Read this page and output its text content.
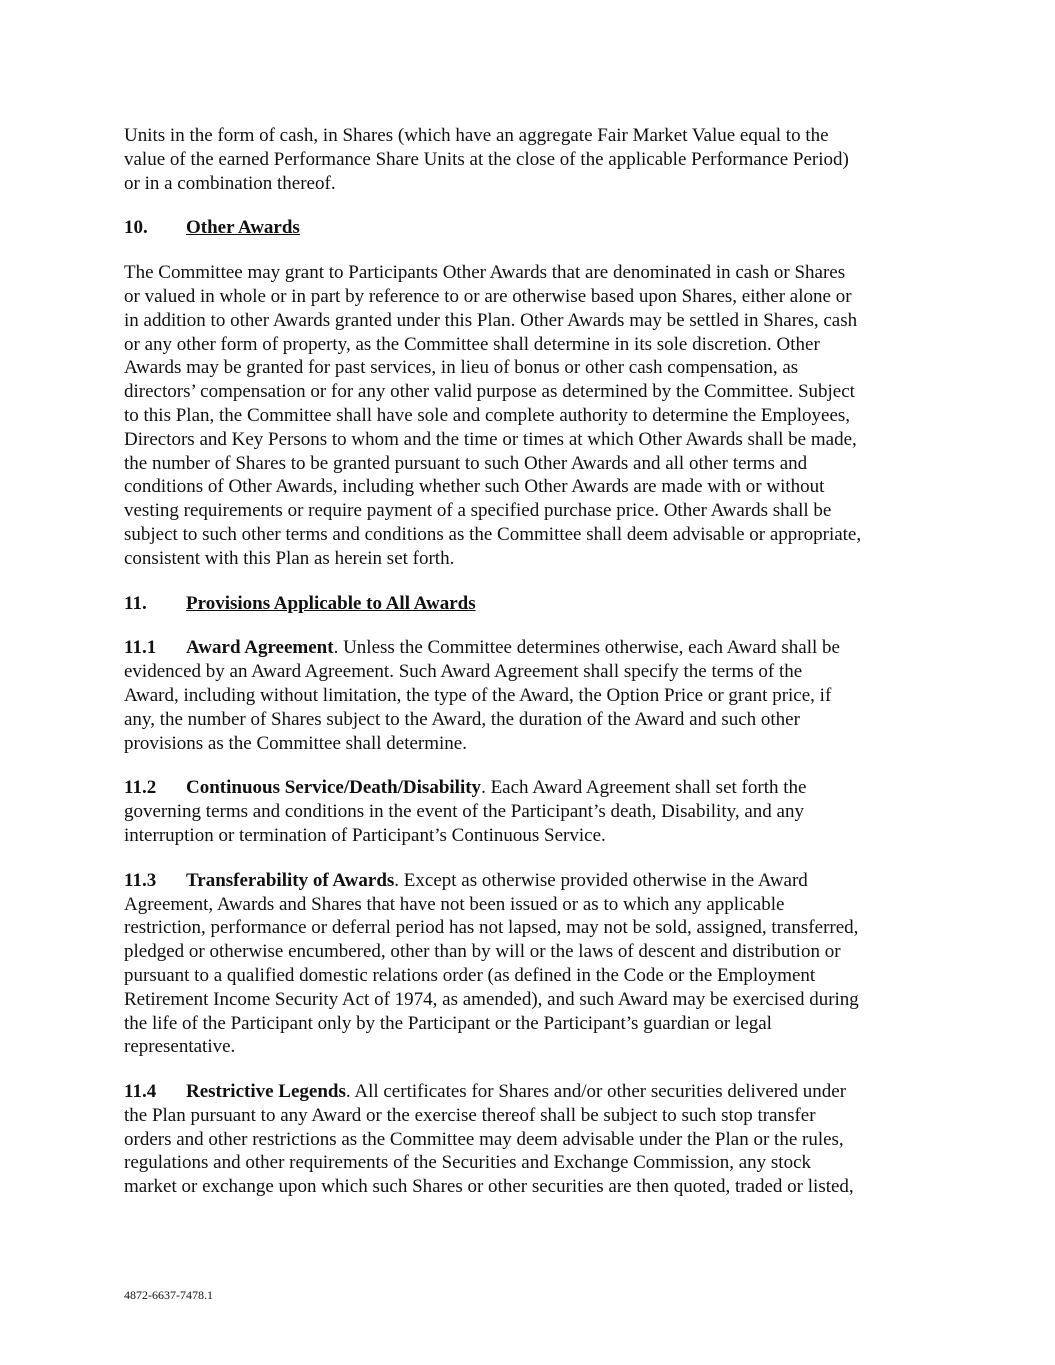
Units in the form of cash, in Shares (which have an aggregate Fair Market Value equal to the
value of the earned Performance Share Units at the close of the applicable Performance Period)
or in a combination thereof.
10. Other Awards
The Committee may grant to Participants Other Awards that are denominated in cash or Shares
or valued in whole or in part by reference to or are otherwise based upon Shares, either alone or
in addition to other Awards granted under this Plan. Other Awards may be settled in Shares, cash
or any other form of property, as the Committee shall determine in its sole discretion. Other
Awards may be granted for past services, in lieu of bonus or other cash compensation, as
directors’ compensation or for any other valid purpose as determined by the Committee. Subject
to this Plan, the Committee shall have sole and complete authority to determine the Employees,
Directors and Key Persons to whom and the time or times at which Other Awards shall be made,
the number of Shares to be granted pursuant to such Other Awards and all other terms and
conditions of Other Awards, including whether such Other Awards are made with or without
vesting requirements or require payment of a specified purchase price. Other Awards shall be
subject to such other terms and conditions as the Committee shall deem advisable or appropriate,
consistent with this Plan as herein set forth.
11. Provisions Applicable to All Awards
11.1 Award Agreement. Unless the Committee determines otherwise, each Award shall be
evidenced by an Award Agreement. Such Award Agreement shall specify the terms of the
Award, including without limitation, the type of the Award, the Option Price or grant price, if
any, the number of Shares subject to the Award, the duration of the Award and such other
provisions as the Committee shall determine.
11.2 Continuous Service/Death/Disability. Each Award Agreement shall set forth the
governing terms and conditions in the event of the Participant’s death, Disability, and any
interruption or termination of Participant’s Continuous Service.
11.3 Transferability of Awards. Except as otherwise provided otherwise in the Award
Agreement, Awards and Shares that have not been issued or as to which any applicable
restriction, performance or deferral period has not lapsed, may not be sold, assigned, transferred,
pledged or otherwise encumbered, other than by will or the laws of descent and distribution or
pursuant to a qualified domestic relations order (as defined in the Code or the Employment
Retirement Income Security Act of 1974, as amended), and such Award may be exercised during
the life of the Participant only by the Participant or the Participant’s guardian or legal
representative.
11.4 Restrictive Legends. All certificates for Shares and/or other securities delivered under
the Plan pursuant to any Award or the exercise thereof shall be subject to such stop transfer
orders and other restrictions as the Committee may deem advisable under the Plan or the rules,
regulations and other requirements of the Securities and Exchange Commission, any stock
market or exchange upon which such Shares or other securities are then quoted, traded or listed,
4872-6637-7478.1
